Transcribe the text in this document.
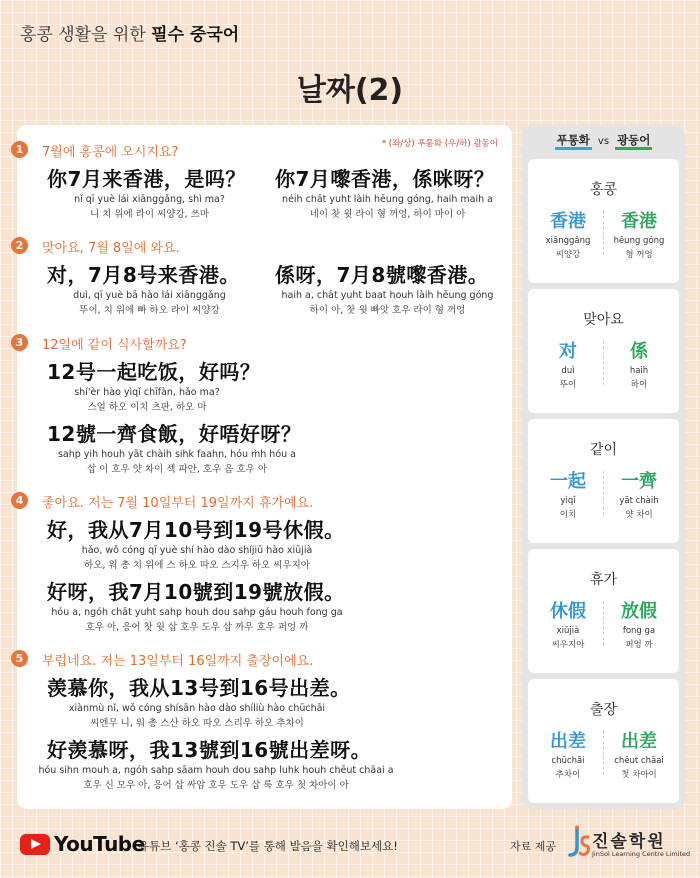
홍콩 생활을 위한 필수 중국어
날짜(2)
* (좌/상) 푸통화 (우/하) 광동어
1	7월에 홍콩에 오시지요?
你7月来香港，是吗？
nǐ qī yuè lái xiānggǎng, shì ma?
니 치 위에 라이 씨양강, 쓰마
你7月嚟香港，係咪呀？
néih chāt yuht làih hēung góng, haih maih a
네이 찻 윗 라이 형 꺼엉, 하이 마이 아
2	맞아요, 7월 8일에 와요.
对，7月8号来香港。
duì, qī yuè bā hào lái xiānggǎng
뚜이, 치 위에 빠 하오 라이 씨양강
係呀，7月8號嚟香港。
haih a, chāt yuht baat houh làih hēung góng
하이 아, 찻 윗 빠앗 호우 라이 형 꺼엉
3	12일에 같이 식사할까요?
12号一起吃饭，好吗？
shí'èr hào yìqǐ chīfàn, hǎo ma?
스얼 하오 이치 츠판, 하오 마
12號一齊食飯，好唔好呀？
sahp yih houh yāt chàih sihk faahn, hóu m̀h hóu a
삽 이 호우 얏 차이 섹 파안, 호우 음 호우 아
4	좋아요. 저는 7월 10일부터 19일까지 휴가예요.
好，我从7月10号到19号休假。
hǎo, wǒ cóng qī yuè shí hào dào shíjiǔ hào xiūjià
하오, 워 총 치 위에 스 하오 따오 스지우 하오 씨우지아
好呀，我7月10號到19號放假。
hóu a, ngóh chāt yuht sahp houh dou sahp gáu houh fong ga
호우 아, 응어 찻 윗 삽 호우 도우 삽 까우 호우 퍼엉 까
5	부럽네요. 저는 13일부터 16일까지 출장이에요.
羡慕你，我从13号到16号出差。
xiànmù nǐ, wǒ cóng shísān hào dào shíliù hào chūchāi
씨엔무 니, 워 총 스산 하오 따오 스리우 하오 추차이
好羡慕呀，我13號到16號出差呀。
hóu sihn mouh a, ngóh sahp sāam houh dou sahp luhk houh chēut chāai a
호우 신 모우 아, 응어 삽 싸암 호우 도우 삽 룩 호우 첫 차아이 아
푸통화 vs 광동어
홍콩
香港
xiānggǎng
씨양강
香港
hēung góng
형 꺼엉
맞아요
对
duì
뚜이
係
haih
하이
같이
一起
yìqǐ
이치
一齊
yāt chàih
얏 차이
휴가
休假
xiūjià
씨우지아
放假
fong ga
퍼엉 까
출장
出差
chūchāi
추차이
出差
chēut chāai
첫 차아이
YouTube
유튜브 ‘홍콩 진솔 TV’를 통해 발음을 확인해보세요!	자료 제공 진솔학원
JinSol Learning Centre Limited
